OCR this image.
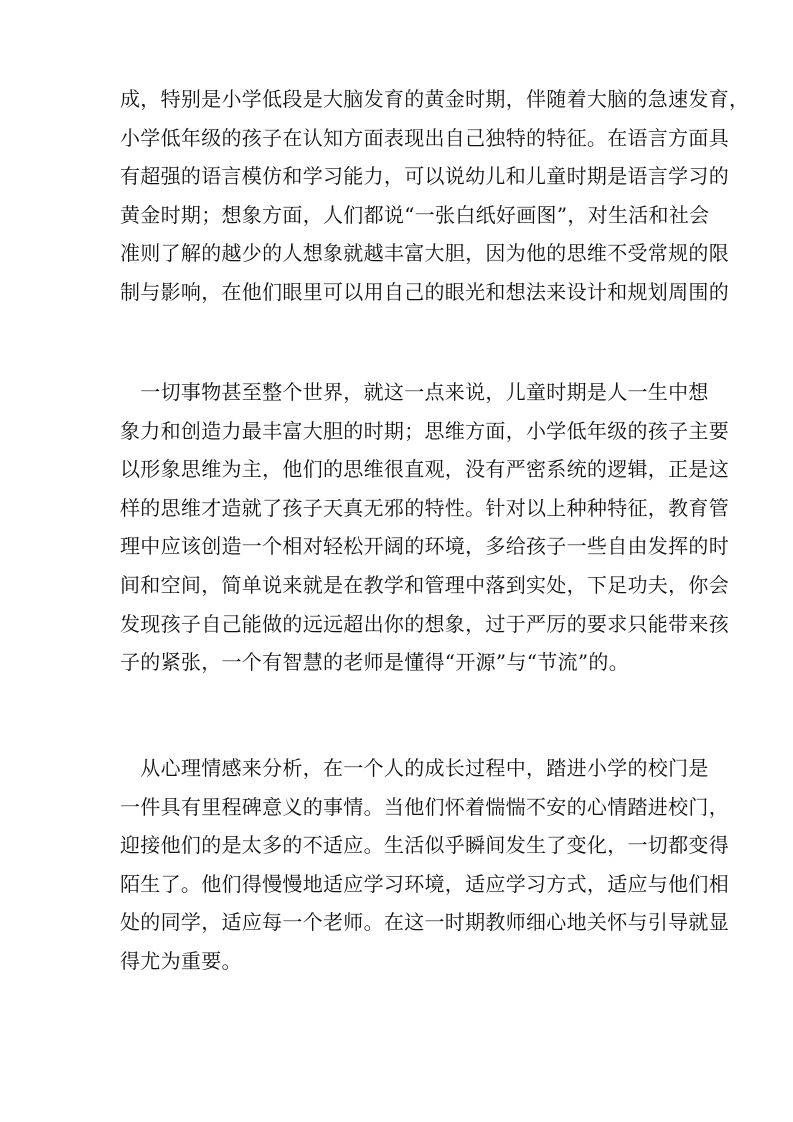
成，特别是小学低段是大脑发育的黄金时期，伴随着大脑的急速发育，
小学低年级的孩子在认知方面表现出自己独特的特征。在语言方面具
有超强的语言模仿和学习能力，可以说幼儿和儿童时期是语言学习的
黄金时期；想象方面，人们都说“一张白纸好画图”，对生活和社会
准则了解的越少的人想象就越丰富大胆，因为他的思维不受常规的限
制与影响，在他们眼里可以用自己的眼光和想法来设计和规划周围的

　一切事物甚至整个世界，就这一点来说，儿童时期是人一生中想
象力和创造力最丰富大胆的时期；思维方面，小学低年级的孩子主要
以形象思维为主，他们的思维很直观，没有严密系统的逻辑，正是这
样的思维才造就了孩子天真无邪的特性。针对以上种种特征，教育管
理中应该创造一个相对轻松开阔的环境，多给孩子一些自由发挥的时
间和空间，简单说来就是在教学和管理中落到实处，下足功夫，你会
发现孩子自己能做的远远超出你的想象，过于严厉的要求只能带来孩
子的紧张，一个有智慧的老师是懂得“开源”与“节流”的。

　从心理情感来分析，在一个人的成长过程中，踏进小学的校门是
一件具有里程碑意义的事情。当他们怀着惴惴不安的心情踏进校门，
迎接他们的是太多的不适应。生活似乎瞬间发生了变化，一切都变得
陌生了。他们得慢慢地适应学习环境，适应学习方式，适应与他们相
处的同学，适应每一个老师。在这一时期教师细心地关怀与引导就显
得尤为重要。
